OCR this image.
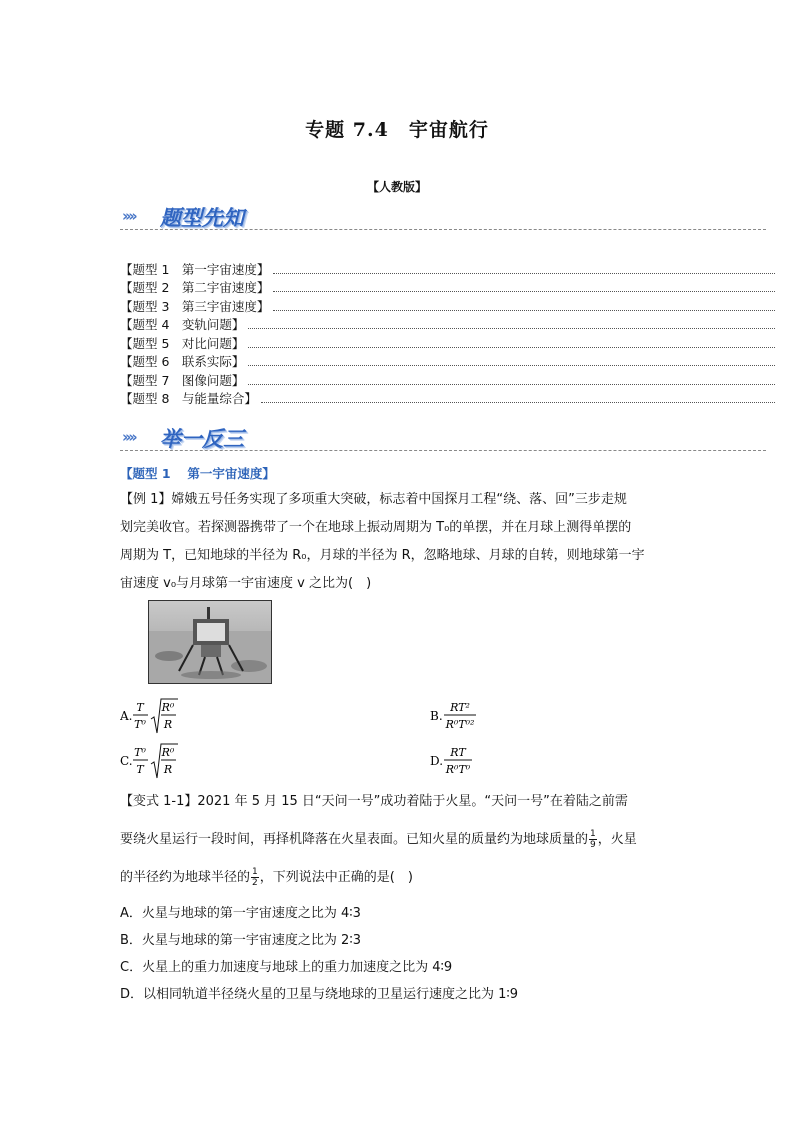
专题 7.4　宇宙航行
【人教版】
›››› 题型先知
【题型 1　第一宇宙速度】
【题型 2　第二宇宙速度】
【题型 3　第三宇宙速度】
【题型 4　变轨问题】
【题型 5　对比问题】
【题型 6　联系实际】
【题型 7　图像问题】
【题型 8　与能量综合】
›››› 举一反三
【题型 1　 第一宇宙速度】
【例 1】嫦娥五号任务实现了多项重大突破，标志着中国探月工程“绕、落、回”三步走规
划完美收官。若探测器携带了一个在地球上振动周期为 T₀的单摆，并在月球上测得单摆的
周期为 T，已知地球的半径为 R₀，月球的半径为 R，忽略地球、月球的自转，则地球第一宇
宙速度 v₀与月球第一宇宙速度 v 之比为(　)
A.
T
T⁰
R⁰
R
B.
RT²
R⁰T⁰²
C.
T⁰
T
R⁰
R
D.
RT
R⁰T⁰
【变式 1-1】2021 年 5 月 15 日“天问一号”成功着陆于火星。“天问一号”在着陆之前需
要绕火星运行一段时间，再择机降落在火星表面。已知火星的质量约为地球质量的 $\frac{1}{9}$ ，火星
的半径约为地球半径的 $\frac{1}{2}$ ，下列说法中正确的是(　)
A．火星与地球的第一宇宙速度之比为 4∶3
B．火星与地球的第一宇宙速度之比为 2∶3
C．火星上的重力加速度与地球上的重力加速度之比为 4∶9
D．以相同轨道半径绕火星的卫星与绕地球的卫星运行速度之比为 1∶9
